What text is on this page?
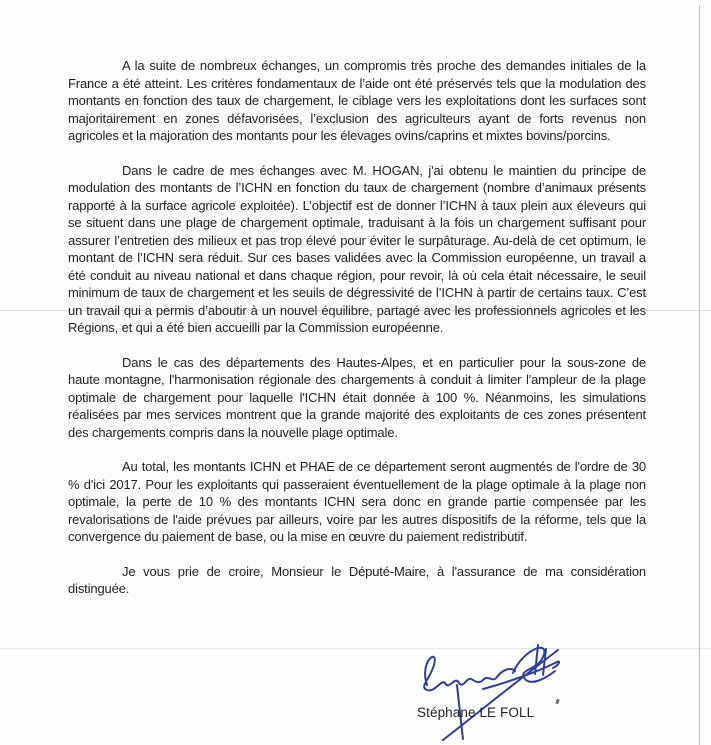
A la suite de nombreux échanges, un compromis très proche des demandes initiales de la France a été atteint. Les critères fondamentaux de l’aide ont été préservés tels que la modulation des montants en fonction des taux de chargement, le ciblage vers les exploitations dont les surfaces sont majoritairement en zones défavorisées, l’exclusion des agriculteurs ayant de forts revenus non agricoles et la majoration des montants pour les élevages ovins/caprins et mixtes bovins/porcins.

Dans le cadre de mes échanges avec M. HOGAN, j'ai obtenu le maintien du principe de modulation des montants de l’ICHN en fonction du taux de chargement (nombre d’animaux présents rapporté à la surface agricole exploitée). L’objectif est de donner l’ICHN à taux plein aux éleveurs qui se situent dans une plage de chargement optimale, traduisant à la fois un chargement suffisant pour assurer l’entretien des milieux et pas trop élevé pour éviter le surpâturage. Au-delà de cet optimum, le montant de l’ICHN sera réduit. Sur ces bases validées avec la Commission européenne, un travail a été conduit au niveau national et dans chaque région, pour revoir, là où cela était nécessaire, le seuil minimum de taux de chargement et les seuils de dégressivité de l’ICHN à partir de certains taux. C’est un travail qui a permis d’aboutir à un nouvel équilibre, partagé avec les professionnels agricoles et les Régions, et qui a été bien accueilli par la Commission européenne.

Dans le cas des départements des Hautes-Alpes, et en particulier pour la sous-zone de haute montagne, l'harmonisation régionale des chargements à conduit à limiter l'ampleur de la plage optimale de chargement pour laquelle l'ICHN était donnée à 100 %. Néanmoins, les simulations réalisées par mes services montrent que la grande majorité des exploitants de ces zones présentent des chargements compris dans la nouvelle plage optimale.

Au total, les montants ICHN et PHAE de ce département seront augmentés de l'ordre de 30 % d'ici 2017. Pour les exploitants qui passeraient éventuellement de la plage optimale à la plage non optimale, la perte de 10 % des montants ICHN sera donc en grande partie compensée par les revalorisations de l'aide prévues par ailleurs, voire par les autres dispositifs de la réforme, tels que la convergence du paiement de base, ou la mise en œuvre du paiement redistributif.

Je vous prie de croire, Monsieur le Député-Maire, à l'assurance de ma considération distinguée.

Stéphane LE FOLL
